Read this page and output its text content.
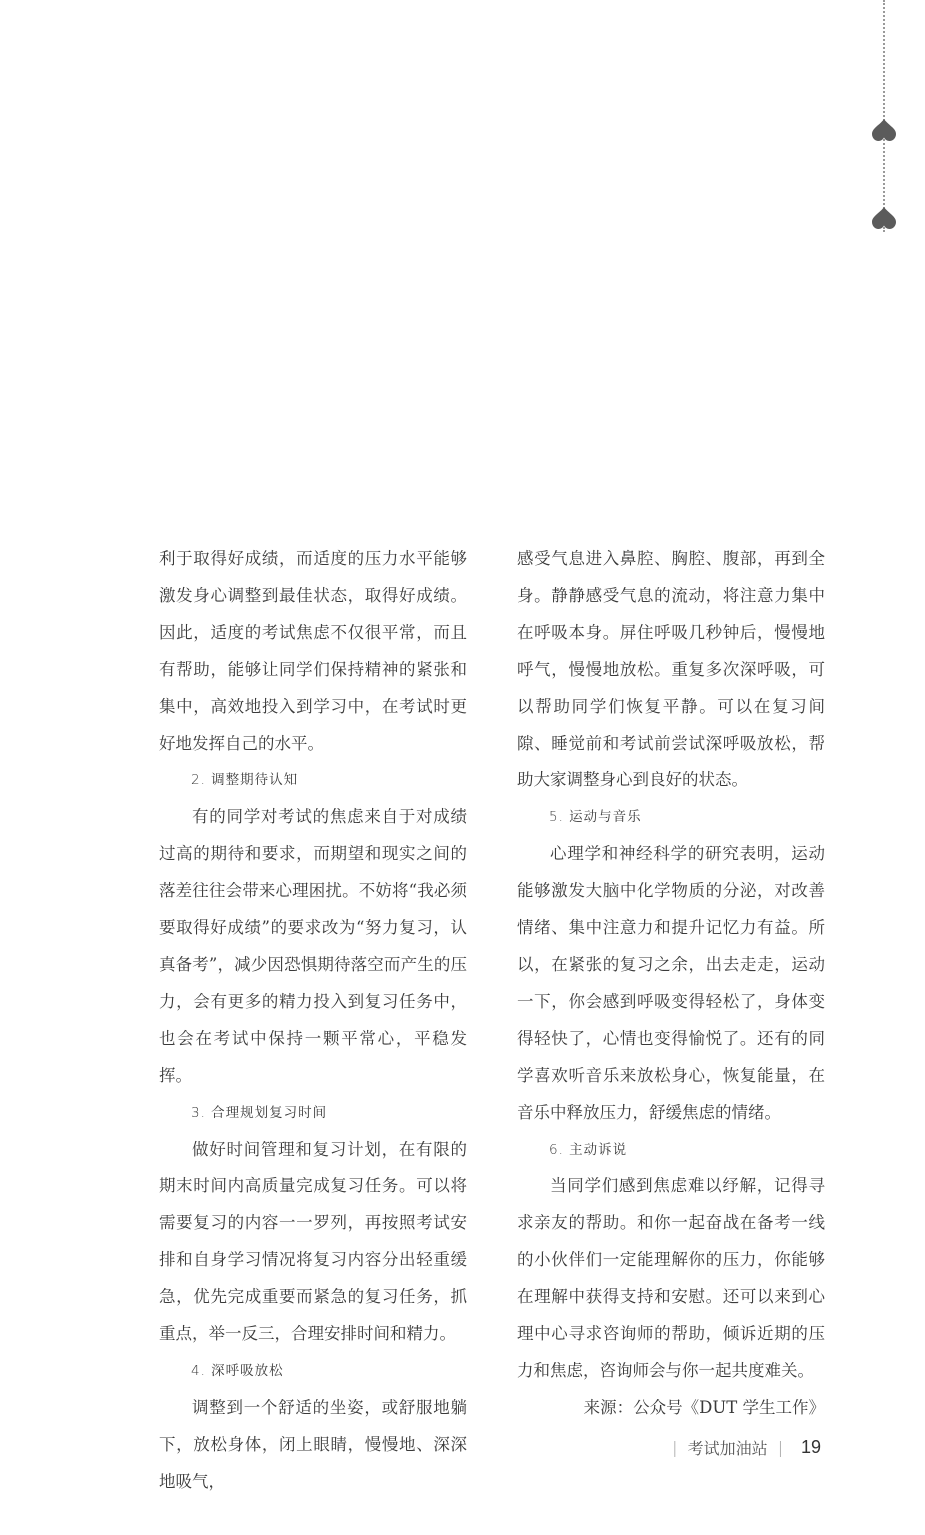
利于取得好成绩，而适度的压力水平能够激发身心调整到最佳状态，取得好成绩。因此，适度的考试焦虑不仅很平常，而且有帮助，能够让同学们保持精神的紧张和集中，高效地投入到学习中，在考试时更好地发挥自己的水平。

2. 调整期待认知

有的同学对考试的焦虑来自于对成绩过高的期待和要求，而期望和现实之间的落差往往会带来心理困扰。不妨将“我必须要取得好成绩”的要求改为“努力复习，认真备考”，减少因恐惧期待落空而产生的压力，会有更多的精力投入到复习任务中，也会在考试中保持一颗平常心，平稳发挥。

3. 合理规划复习时间

做好时间管理和复习计划，在有限的期末时间内高质量完成复习任务。可以将需要复习的内容一一罗列，再按照考试安排和自身学习情况将复习内容分出轻重缓急，优先完成重要而紧急的复习任务，抓重点，举一反三，合理安排时间和精力。

4. 深呼吸放松

调整到一个舒适的坐姿，或舒服地躺下，放松身体，闭上眼睛，慢慢地、深深地吸气，

感受气息进入鼻腔、胸腔、腹部，再到全身。静静感受气息的流动，将注意力集中在呼吸本身。屏住呼吸几秒钟后，慢慢地呼气，慢慢地放松。重复多次深呼吸，可以帮助同学们恢复平静。可以在复习间隙、睡觉前和考试前尝试深呼吸放松，帮助大家调整身心到良好的状态。

5. 运动与音乐

心理学和神经科学的研究表明，运动能够激发大脑中化学物质的分泌，对改善情绪、集中注意力和提升记忆力有益。所以，在紧张的复习之余，出去走走，运动一下，你会感到呼吸变得轻松了，身体变得轻快了，心情也变得愉悦了。还有的同学喜欢听音乐来放松身心，恢复能量，在音乐中释放压力，舒缓焦虑的情绪。

6. 主动诉说

当同学们感到焦虑难以纾解，记得寻求亲友的帮助。和你一起奋战在备考一线的小伙伴们一定能理解你的压力，你能够在理解中获得支持和安慰。还可以来到心理中心寻求咨询师的帮助，倾诉近期的压力和焦虑，咨询师会与你一起共度难关。

来源：公众号《DUT 学生工作》

| 考试加油站 | 19
